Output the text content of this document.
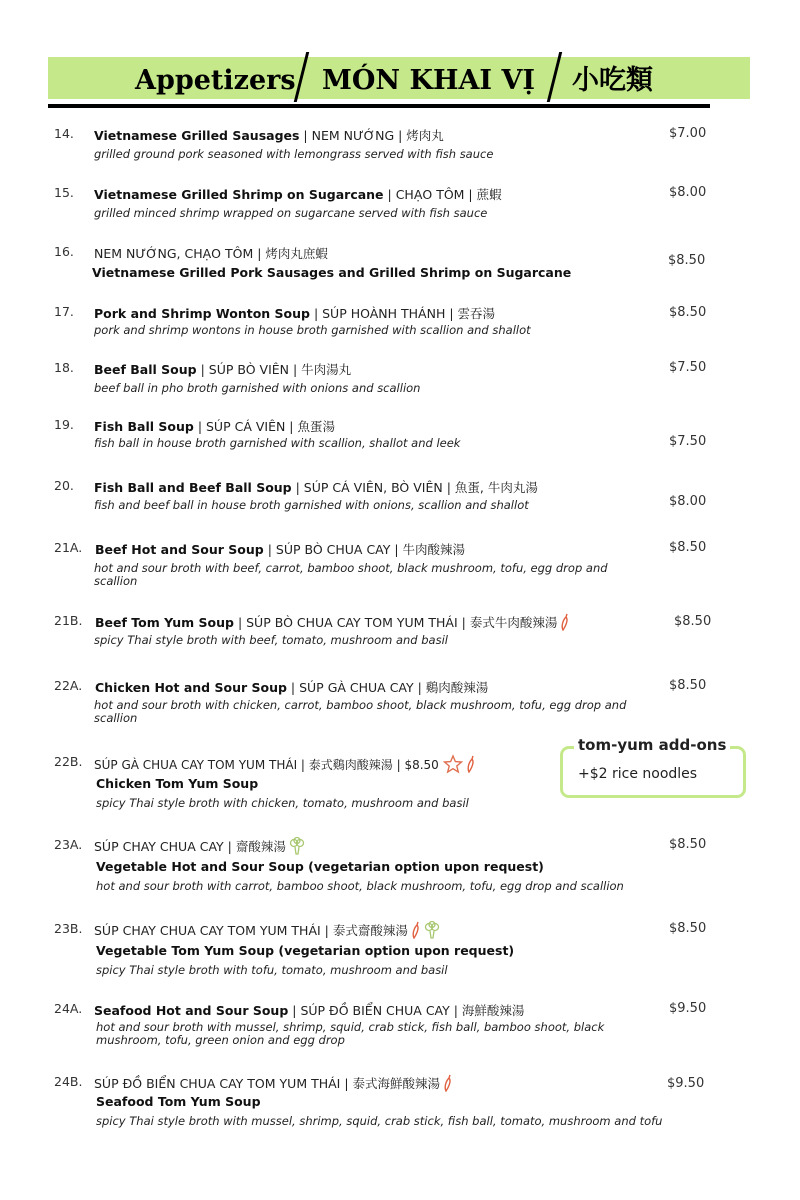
Appetizers MÓN KHAI VỊ 小吃類
14. Vietnamese Grilled Sausages | NEM NƯỚNG | 烤肉丸
grilled ground pork seasoned with lemongrass served with fish sauce
$7.00
15. Vietnamese Grilled Shrimp on Sugarcane | CHẠO TÔM | 蔗蝦
grilled minced shrimp wrapped on sugarcane served with fish sauce
$8.00
16. NEM NƯỚNG, CHẠO TÔM | 烤肉丸庶蝦
Vietnamese Grilled Pork Sausages and Grilled Shrimp on Sugarcane
$8.50
17. Pork and Shrimp Wonton Soup | SÚP HOÀNH THÁNH | 雲吞湯
pork and shrimp wontons in house broth garnished with scallion and shallot
$8.50
18. Beef Ball Soup | SÚP BÒ VIÊN | 牛肉湯丸
beef ball in pho broth garnished with onions and scallion
$7.50
19. Fish Ball Soup | SÚP CÁ VIÊN | 魚蛋湯
fish ball in house broth garnished with scallion, shallot and leek	$7.50
20. Fish Ball and Beef Ball Soup | SÚP CÁ VIÊN, BÒ VIÊN | 魚蛋, 牛肉丸湯
fish and beef ball in house broth garnished with onions, scallion and shallot	$8.00
21A. Beef Hot and Sour Soup | SÚP BÒ CHUA CAY | 牛肉酸辣湯
hot and sour broth with beef, carrot, bamboo shoot, black mushroom, tofu, egg drop and scallion
$8.50
21B. Beef Tom Yum Soup | SÚP BÒ CHUA CAY TOM YUM THÁI | 泰式牛肉酸辣湯
spicy Thai style broth with beef, tomato, mushroom and basil
$8.50
22A. Chicken Hot and Sour Soup | SÚP GÀ CHUA CAY | 鷄肉酸辣湯
hot and sour broth with chicken, carrot, bamboo shoot, black mushroom, tofu, egg drop and scallion
$8.50
22B. SÚP GÀ CHUA CAY TOM YUM THÁI | 泰式鷄肉酸辣湯 | $8.50
Chicken Tom Yum Soup
spicy Thai style broth with chicken, tomato, mushroom and basil
tom-yum add-ons
+$2 rice noodles
23A. SÚP CHAY CHUA CAY | 齋酸辣湯
Vegetable Hot and Sour Soup (vegetarian option upon request)
hot and sour broth with carrot, bamboo shoot, black mushroom, tofu, egg drop and scallion
$8.50
23B. SÚP CHAY CHUA CAY TOM YUM THÁI | 泰式齋酸辣湯
Vegetable Tom Yum Soup (vegetarian option upon request)
spicy Thai style broth with tofu, tomato, mushroom and basil
$8.50
24A. Seafood Hot and Sour Soup | SÚP ĐỒ BIỂN CHUA CAY | 海鮮酸辣湯
hot and sour broth with mussel, shrimp, squid, crab stick, fish ball, bamboo shoot, black mushroom, tofu, green onion and egg drop
$9.50
24B. SÚP ĐỒ BIỂN CHUA CAY TOM YUM THÁI | 泰式海鮮酸辣湯
Seafood Tom Yum Soup
spicy Thai style broth with mussel, shrimp, squid, crab stick, fish ball, tomato, mushroom and tofu
$9.50
